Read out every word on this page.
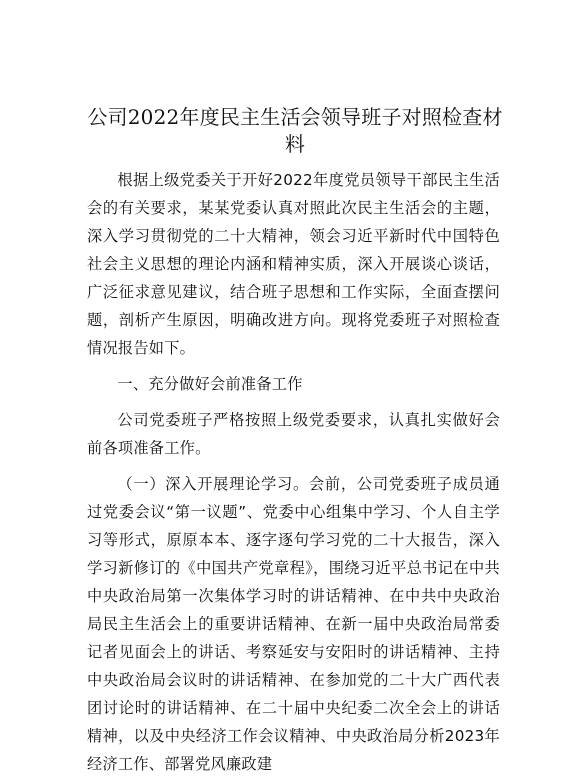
公司2022年度民主生活会领导班子对照检查材
料

根据上级党委关于开好2022年度党员领导干部民主生活会的有关要求，某某党委认真对照此次民主生活会的主题，深入学习贯彻党的二十大精神，领会习近平新时代中国特色社会主义思想的理论内涵和精神实质，深入开展谈心谈话，广泛征求意见建议，结合班子思想和工作实际，全面查摆问题，剖析产生原因，明确改进方向。现将党委班子对照检查情况报告如下。

一、充分做好会前准备工作

公司党委班子严格按照上级党委要求，认真扎实做好会前各项准备工作。

（一）深入开展理论学习。会前，公司党委班子成员通过党委会议“第一议题”、党委中心组集中学习、个人自主学习等形式，原原本本、逐字逐句学习党的二十大报告，深入学习新修订的《中国共产党章程》，围绕习近平总书记在中共中央政治局第一次集体学习时的讲话精神、在中共中央政治局民主生活会上的重要讲话精神、在新一届中央政治局常委记者见面会上的讲话、考察延安与安阳时的讲话精神、主持中央政治局会议时的讲话精神、在参加党的二十大广西代表团讨论时的讲话精神、在二十届中央纪委二次全会上的讲话精神，以及中央经济工作会议精神、中央政治局分析2023年经济工作、部署党风廉政建
